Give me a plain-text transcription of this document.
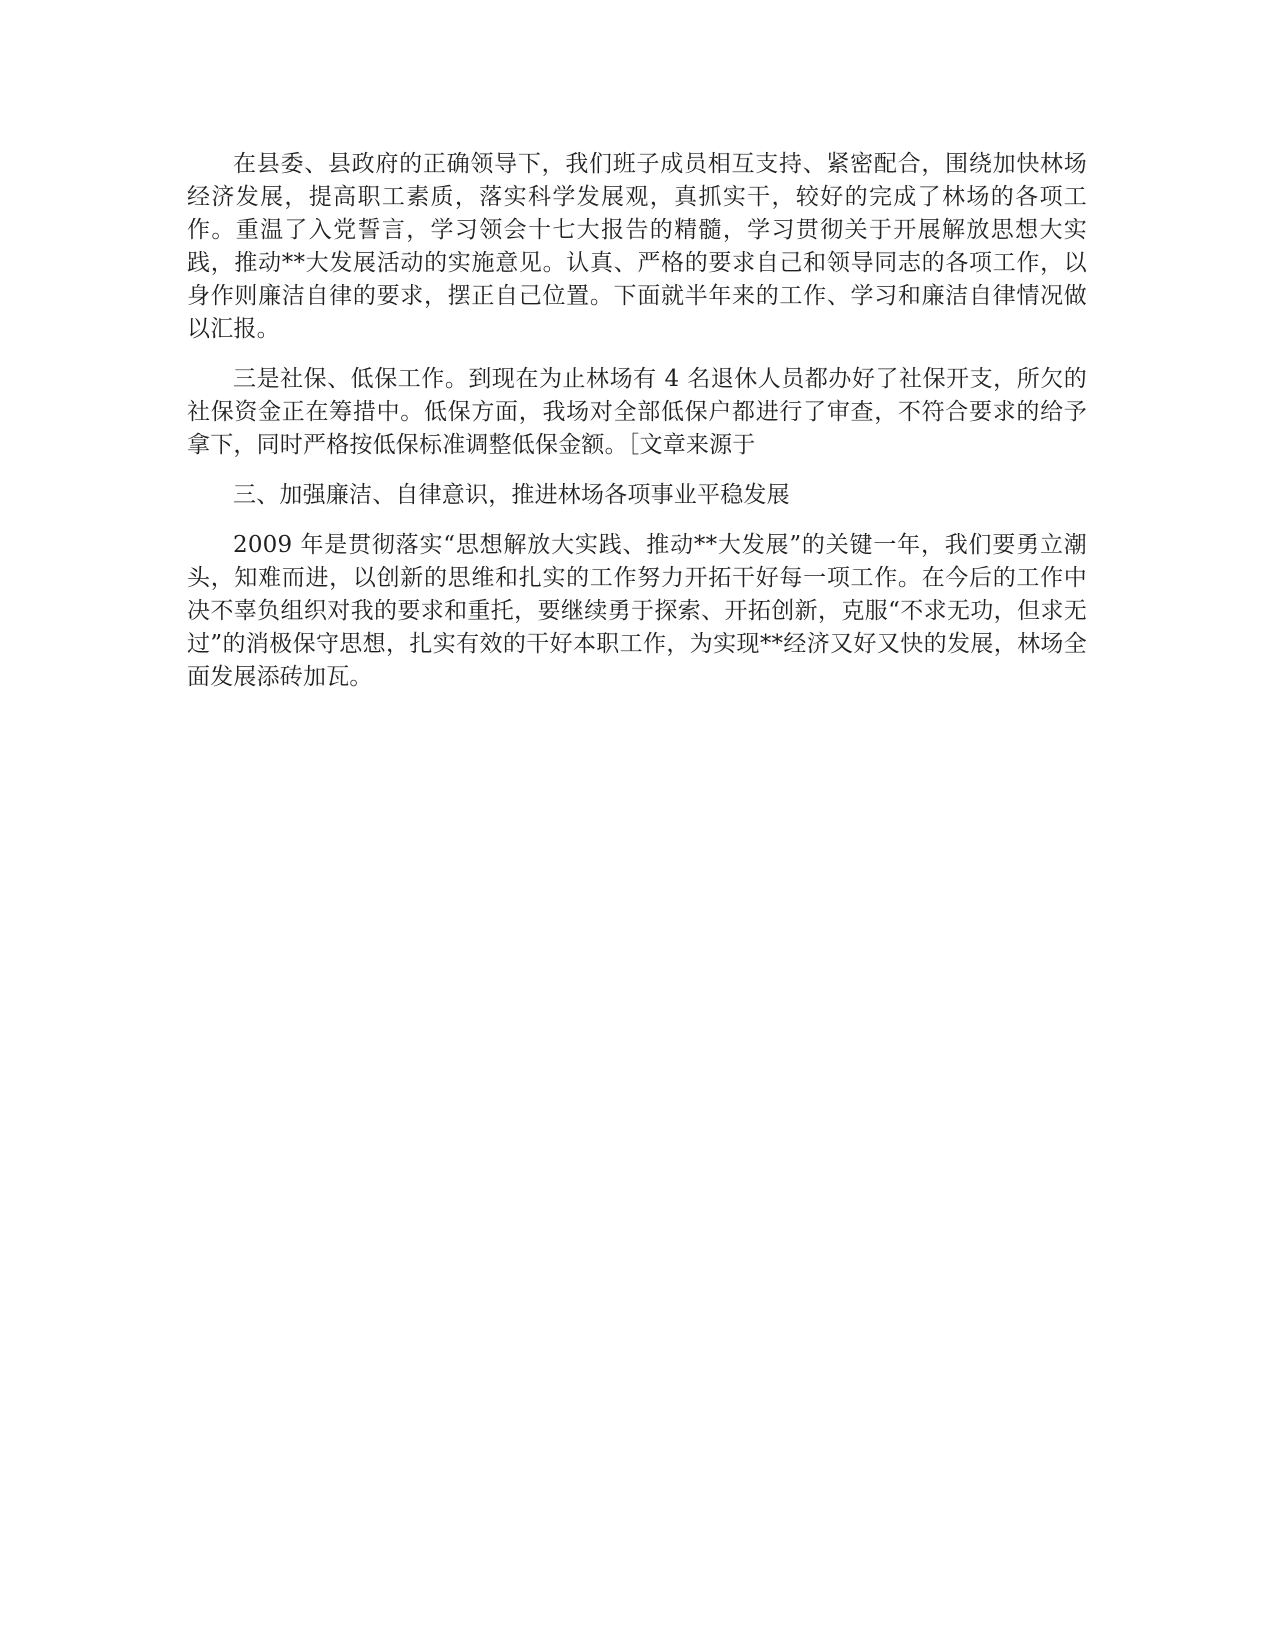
在县委、县政府的正确领导下，我们班子成员相互支持、紧密配合，围绕加快林场经济发展，提高职工素质，落实科学发展观，真抓实干，较好的完成了林场的各项工作。重温了入党誓言，学习领会十七大报告的精髓，学习贯彻关于开展解放思想大实践，推动**大发展活动的实施意见。认真、严格的要求自己和领导同志的各项工作，以身作则廉洁自律的要求，摆正自己位置。下面就半年来的工作、学习和廉洁自律情况做以汇报。

三是社保、低保工作。到现在为止林场有 4 名退休人员都办好了社保开支，所欠的社保资金正在筹措中。低保方面，我场对全部低保户都进行了审查，不符合要求的给予拿下，同时严格按低保标准调整低保金额。［文章来源于

三、加强廉洁、自律意识，推进林场各项事业平稳发展

2009 年是贯彻落实“思想解放大实践、推动**大发展”的关键一年，我们要勇立潮头，知难而进，以创新的思维和扎实的工作努力开拓干好每一项工作。在今后的工作中决不辜负组织对我的要求和重托，要继续勇于探索、开拓创新，克服“不求无功，但求无过”的消极保守思想，扎实有效的干好本职工作，为实现**经济又好又快的发展，林场全面发展添砖加瓦。
